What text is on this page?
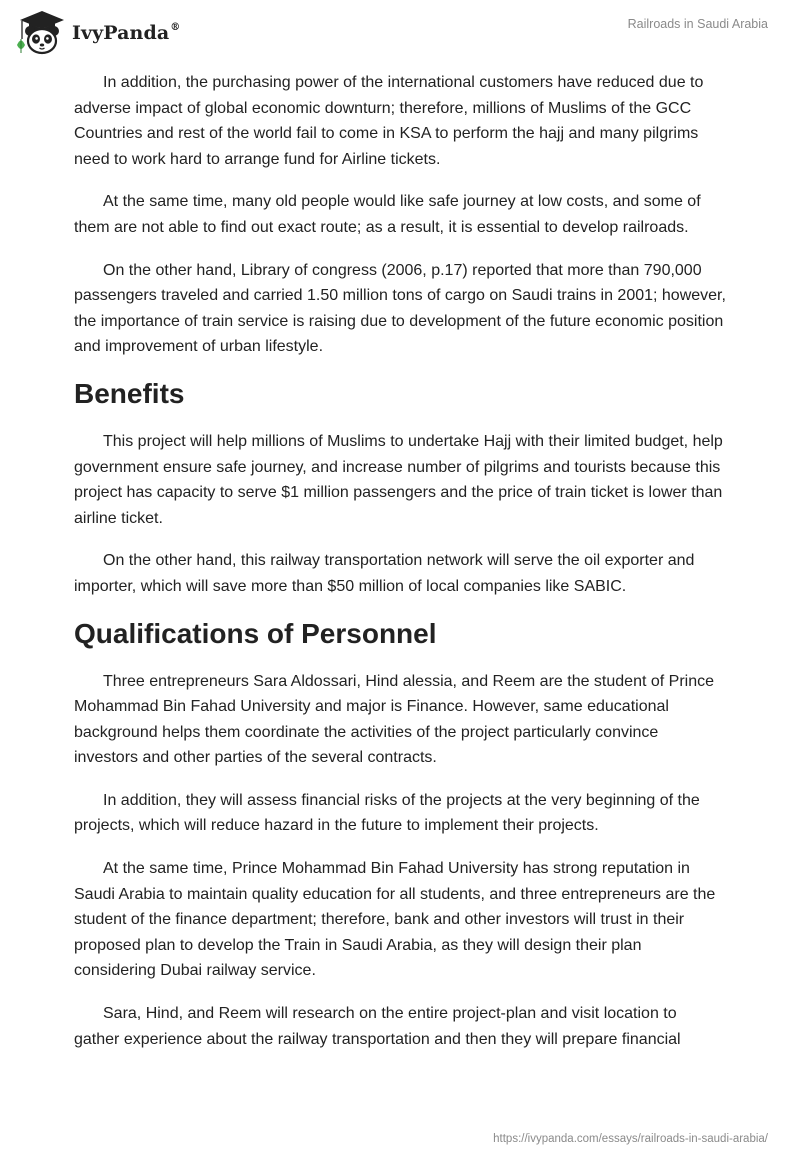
IvyPanda®	Railroads in Saudi Arabia

In addition, the purchasing power of the international customers have reduced due to adverse impact of global economic downturn; therefore, millions of Muslims of the GCC Countries and rest of the world fail to come in KSA to perform the hajj and many pilgrims need to work hard to arrange fund for Airline tickets.

At the same time, many old people would like safe journey at low costs, and some of them are not able to find out exact route; as a result, it is essential to develop railroads.

On the other hand, Library of congress (2006, p.17) reported that more than 790,000 passengers traveled and carried 1.50 million tons of cargo on Saudi trains in 2001; however, the importance of train service is raising due to development of the future economic position and improvement of urban lifestyle.

Benefits

This project will help millions of Muslims to undertake Hajj with their limited budget, help government ensure safe journey, and increase number of pilgrims and tourists because this project has capacity to serve $1 million passengers and the price of train ticket is lower than airline ticket.

On the other hand, this railway transportation network will serve the oil exporter and importer, which will save more than $50 million of local companies like SABIC.

Qualifications of Personnel

Three entrepreneurs Sara Aldossari, Hind alessia, and Reem are the student of Prince Mohammad Bin Fahad University and major is Finance. However, same educational background helps them coordinate the activities of the project particularly convince investors and other parties of the several contracts.

In addition, they will assess financial risks of the projects at the very beginning of the projects, which will reduce hazard in the future to implement their projects.

At the same time, Prince Mohammad Bin Fahad University has strong reputation in Saudi Arabia to maintain quality education for all students, and three entrepreneurs are the student of the finance department; therefore, bank and other investors will trust in their proposed plan to develop the Train in Saudi Arabia, as they will design their plan considering Dubai railway service.

Sara, Hind, and Reem will research on the entire project-plan and visit location to gather experience about the railway transportation and then they will prepare financial

https://ivypanda.com/essays/railroads-in-saudi-arabia/
